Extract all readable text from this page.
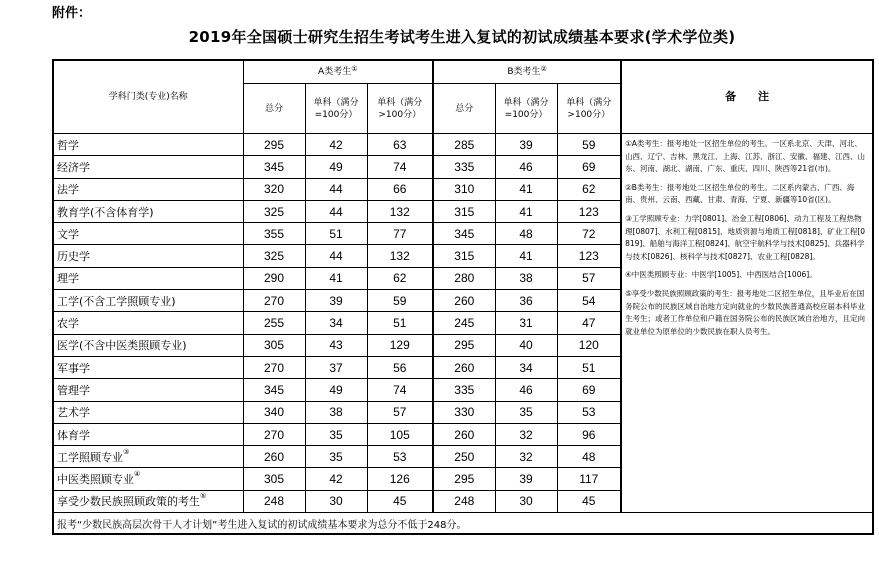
附件：
2019年全国硕士研究生招生考试考生进入复试的初试成绩基本要求(学术学位类)
学科门类(专业)名称	A类考生①			B类考生②			备　　注
	总分	单科（满分=100分）	单科（满分>100分）	总分	单科（满分=100分）	单科（满分>100分）	
哲学	295	42	63	285	39	59	①A类考生：报考地处一区招生单位的考生。一区系北京、天津、河北、山西、辽宁、吉林、黑龙江、上海、江苏、浙江、安徽、福建、江西、山东、河南、湖北、湖南、广东、重庆、四川、陕西等21省(市)。

②B类考生：报考地处二区招生单位的考生。二区系内蒙古、广西、海南、贵州、云南、西藏、甘肃、青海、宁夏、新疆等10省(区)。

③工学照顾专业：力学[0801]、冶金工程[0806]、动力工程及工程热物理[0807]、水利工程[0815]、地质资源与地质工程[0818]、矿业工程[0819]、船舶与海洋工程[0824]、航空宇航科学与技术[0825]、兵器科学与技术[0826]、核科学与技术[0827]、农业工程[0828]。

④中医类照顾专业：中医学[1005]、中西医结合[1006]。

⑤享受少数民族照顾政策的考生：报考地处二区招生单位，且毕业后在国务院公布的民族区域自治地方定向就业的少数民族普通高校应届本科毕业生考生；或者工作单位和户籍在国务院公布的民族区域自治地方，且定向就业单位为原单位的少数民族在职人员考生。

经济学	345	49	74	335	46	69	
法学	320	44	66	310	41	62	
教育学(不含体育学)	325	44	132	315	41	123	
文学	355	51	77	345	48	72	
历史学	325	44	132	315	41	123	
理学	290	41	62	280	38	57	
工学(不含工学照顾专业)	270	39	59	260	36	54	
农学	255	34	51	245	31	47	
医学(不含中医类照顾专业)	305	43	129	295	40	120	
军事学	270	37	56	260	34	51	
管理学	345	49	74	335	46	69	
艺术学	340	38	57	330	35	53	
体育学	270	35	105	260	32	96	
工学照顾专业③	260	35	53	250	32	48	
中医类照顾专业④	305	42	126	295	39	117	
享受少数民族照顾政策的考生⑤	248	30	45	248	30	45	
报考“少数民族高层次骨干人才计划”考生进入复试的初试成绩基本要求为总分不低于248分。							
